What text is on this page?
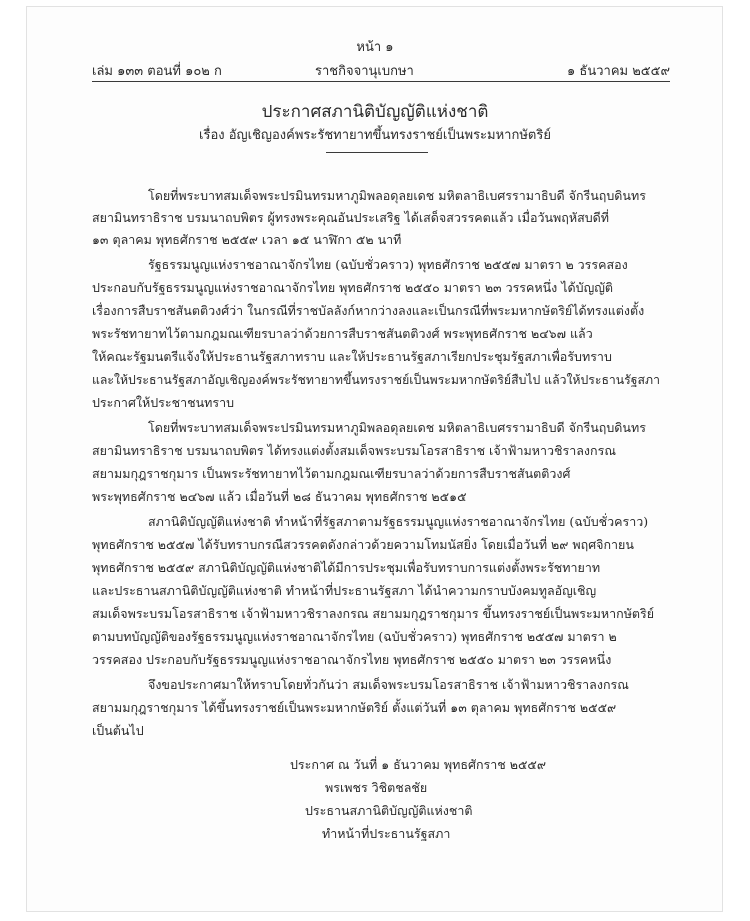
หน้า ๑
เล่ม ๑๓๓ ตอนที่ ๑๐๒ ก	ราชกิจจานุเบกษา	๑ ธันวาคม ๒๕๕๙
ประกาศสภานิติบัญญัติแห่งชาติ
เรื่อง อัญเชิญองค์พระรัชทายาทขึ้นทรงราชย์เป็นพระมหากษัตริย์
โดยที่พระบาทสมเด็จพระปรมินทรมหาภูมิพลอดุลยเดช มหิตลาธิเบศรรามาธิบดี จักรีนฤบดินทร
สยามินทราธิราช บรมนาถบพิตร ผู้ทรงพระคุณอันประเสริฐ ได้เสด็จสวรรคตแล้ว เมื่อวันพฤหัสบดีที่
๑๓ ตุลาคม พุทธศักราช ๒๕๕๙ เวลา ๑๕ นาฬิกา ๕๒ นาที
รัฐธรรมนูญแห่งราชอาณาจักรไทย (ฉบับชั่วคราว) พุทธศักราช ๒๕๕๗ มาตรา ๒ วรรคสอง
ประกอบกับรัฐธรรมนูญแห่งราชอาณาจักรไทย พุทธศักราช ๒๕๕๐ มาตรา ๒๓ วรรคหนึ่ง ได้บัญญัติ
เรื่องการสืบราชสันตติวงศ์ว่า ในกรณีที่ราชบัลลังก์หากว่างลงและเป็นกรณีที่พระมหากษัตริย์ได้ทรงแต่งตั้ง
พระรัชทายาทไว้ตามกฎมณเฑียรบาลว่าด้วยการสืบราชสันตติวงศ์ พระพุทธศักราช ๒๔๖๗ แล้ว
ให้คณะรัฐมนตรีแจ้งให้ประธานรัฐสภาทราบ และให้ประธานรัฐสภาเรียกประชุมรัฐสภาเพื่อรับทราบ
และให้ประธานรัฐสภาอัญเชิญองค์พระรัชทายาทขึ้นทรงราชย์เป็นพระมหากษัตริย์สืบไป แล้วให้ประธานรัฐสภา
ประกาศให้ประชาชนทราบ
โดยที่พระบาทสมเด็จพระปรมินทรมหาภูมิพลอดุลยเดช มหิตลาธิเบศรรามาธิบดี จักรีนฤบดินทร
สยามินทราธิราช บรมนาถบพิตร ได้ทรงแต่งตั้งสมเด็จพระบรมโอรสาธิราช เจ้าฟ้ามหาวชิราลงกรณ
สยามมกุฎราชกุมาร เป็นพระรัชทายาทไว้ตามกฎมณเฑียรบาลว่าด้วยการสืบราชสันตติวงศ์
พระพุทธศักราช ๒๔๖๗ แล้ว เมื่อวันที่ ๒๘ ธันวาคม พุทธศักราช ๒๕๑๕
สภานิติบัญญัติแห่งชาติ ทำหน้าที่รัฐสภาตามรัฐธรรมนูญแห่งราชอาณาจักรไทย (ฉบับชั่วคราว)
พุทธศักราช ๒๕๕๗ ได้รับทราบกรณีสวรรคตดังกล่าวด้วยความโทมนัสยิ่ง โดยเมื่อวันที่ ๒๙ พฤศจิกายน
พุทธศักราช ๒๕๕๙ สภานิติบัญญัติแห่งชาติได้มีการประชุมเพื่อรับทราบการแต่งตั้งพระรัชทายาท
และประธานสภานิติบัญญัติแห่งชาติ ทำหน้าที่ประธานรัฐสภา ได้นำความกราบบังคมทูลอัญเชิญ
สมเด็จพระบรมโอรสาธิราช เจ้าฟ้ามหาวชิราลงกรณ สยามมกุฎราชกุมาร ขึ้นทรงราชย์เป็นพระมหากษัตริย์
ตามบทบัญญัติของรัฐธรรมนูญแห่งราชอาณาจักรไทย (ฉบับชั่วคราว) พุทธศักราช ๒๕๕๗ มาตรา ๒
วรรคสอง ประกอบกับรัฐธรรมนูญแห่งราชอาณาจักรไทย พุทธศักราช ๒๕๕๐ มาตรา ๒๓ วรรคหนึ่ง
จึงขอประกาศมาให้ทราบโดยทั่วกันว่า สมเด็จพระบรมโอรสาธิราช เจ้าฟ้ามหาวชิราลงกรณ
สยามมกุฎราชกุมาร ได้ขึ้นทรงราชย์เป็นพระมหากษัตริย์ ตั้งแต่วันที่ ๑๓ ตุลาคม พุทธศักราช ๒๕๕๙
เป็นต้นไป
ประกาศ ณ วันที่ ๑ ธันวาคม พุทธศักราช ๒๕๕๙
พรเพชร วิชิตชลชัย
ประธานสภานิติบัญญัติแห่งชาติ
ทำหน้าที่ประธานรัฐสภา
